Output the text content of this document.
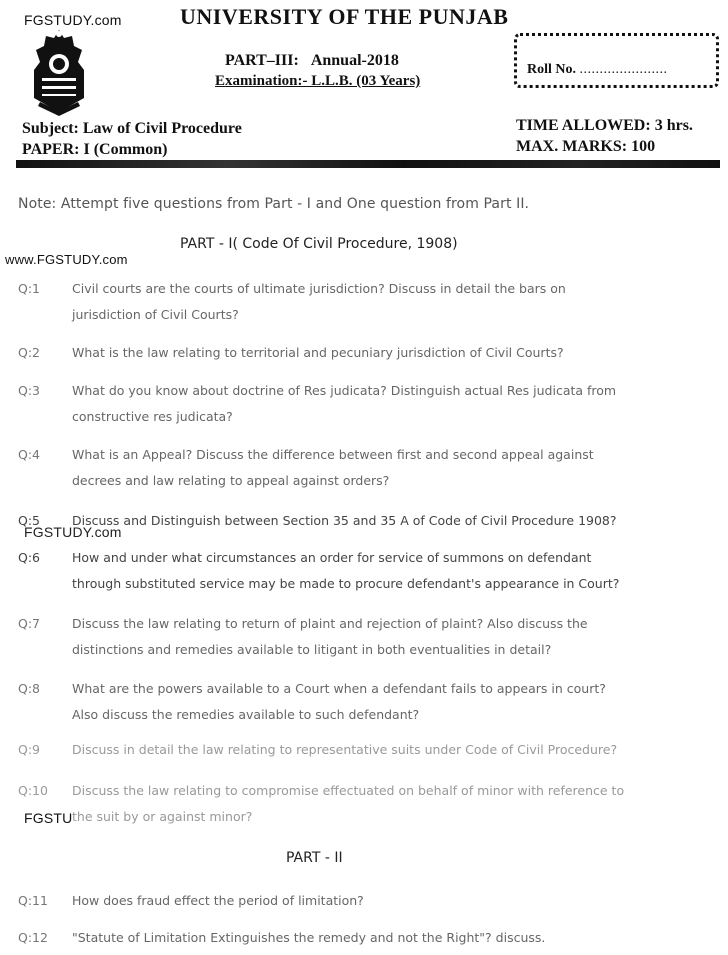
FGSTUDY.com
www.FGSTUDY.com
FGSTUDY.com
FGSTU
UNIVERSITY OF THE PUNJAB
PART–III: Annual-2018
Examination:- L.L.B. (03 Years)
Roll No. ......................
Subject: Law of Civil Procedure
PAPER: I (Common)
TIME ALLOWED: 3 hrs.
MAX. MARKS: 100
Note: Attempt five questions from Part - I and One question from Part II.
PART - I( Code Of Civil Procedure, 1908)
Q:1	Civil courts are the courts of ultimate jurisdiction? Discuss in detail the bars on
jurisdiction of Civil Courts?
Q:2	What is the law relating to territorial and pecuniary jurisdiction of Civil Courts?
Q:3	What do you know about doctrine of Res judicata? Distinguish actual Res judicata from
constructive res judicata?
Q:4	What is an Appeal? Discuss the difference between first and second appeal against
decrees and law relating to appeal against orders?
Q:5	Discuss and Distinguish between Section 35 and 35 A of Code of Civil Procedure 1908?
Q:6	How and under what circumstances an order for service of summons on defendant
through substituted service may be made to procure defendant's appearance in Court?
Q:7	Discuss the law relating to return of plaint and rejection of plaint? Also discuss the
distinctions and remedies available to litigant in both eventualities in detail?
Q:8	What are the powers available to a Court when a defendant fails to appears in court?
Also discuss the remedies available to such defendant?
Q:9	Discuss in detail the law relating to representative suits under Code of Civil Procedure?
Q:10 Discuss the law relating to compromise effectuated on behalf of minor with reference to
the suit by or against minor?
PART - II
Q:11 How does fraud effect the period of limitation?
Q:12 "Statute of Limitation Extinguishes the remedy and not the Right"? discuss.
